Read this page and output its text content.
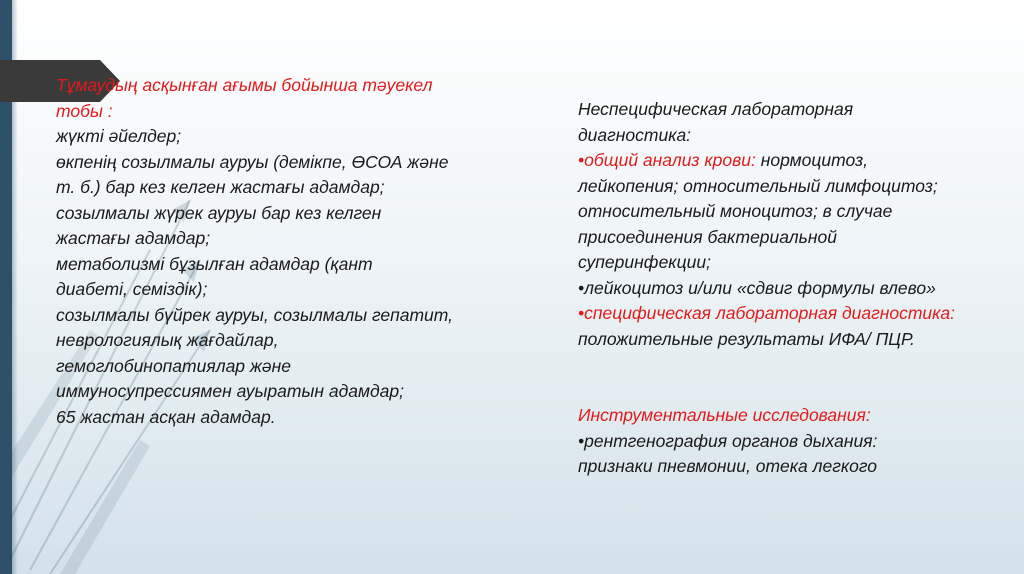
Тұмаудың асқынған ағымы бойынша тәуекел
тобы :
жүкті әйелдер;
өкпенің созылмалы ауруы (демікпе, ӨСОА және
т. б.) бар кез келген жастағы адамдар;
созылмалы жүрек ауруы бар кез келген
жастағы адамдар;
метаболизмі бұзылған адамдар (қант
диабеті, семіздік);
созылмалы бүйрек ауруы, созылмалы гепатит,
неврологиялық жағдайлар,
гемоглобинопатиялар және
иммуносупрессиямен ауыратын адамдар;
65 жастан асқан адамдар.
Неспецифическая лабораторная
диагностика:
•общий анализ крови: нормоцитоз,
лейкопения; относительный лимфоцитоз;
относительный моноцитоз; в случае
присоединения бактериальной
суперинфекции;
•лейкоцитоз и/или «сдвиг формулы влево»
•специфическая лабораторная диагностика:
положительные результаты ИФА/ ПЦР.
Инструментальные исследования:
•рентгенография органов дыхания:
признаки пневмонии, отека легкого
